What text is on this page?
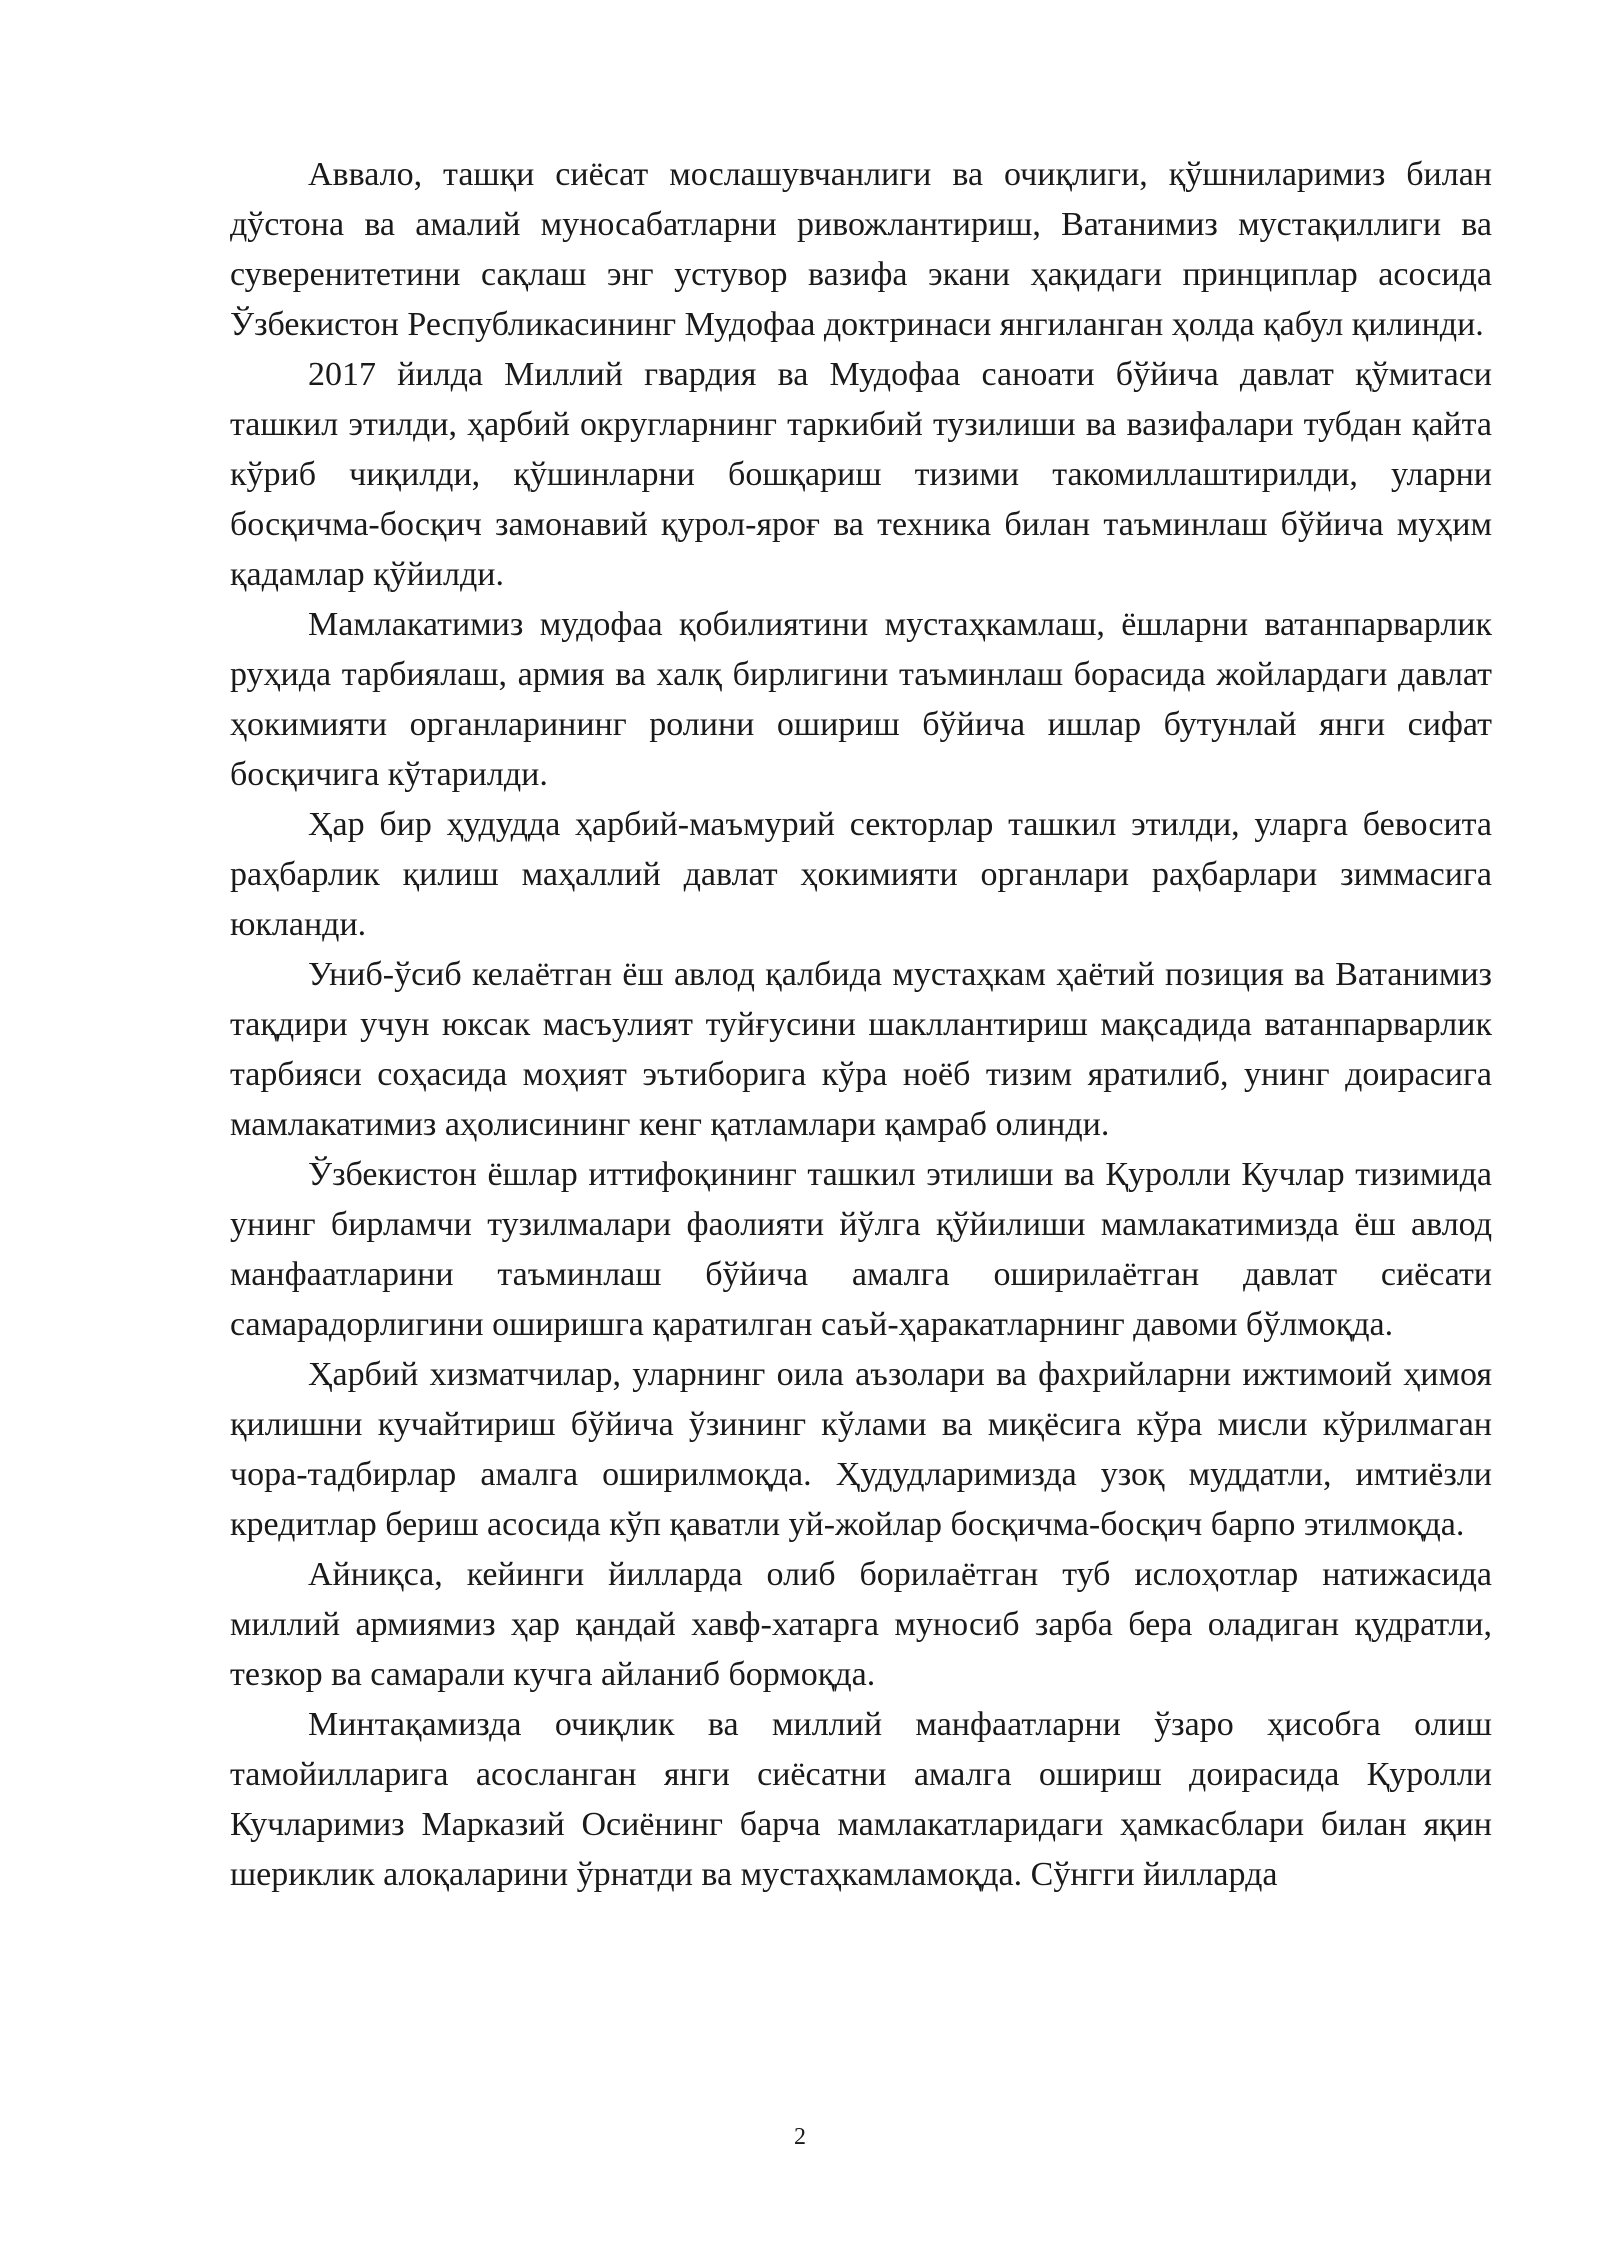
Аввало, ташқи сиёсат мослашувчанлиги ва очиқлиги, қўшниларимиз билан дўстона ва амалий муносабатларни ривожлантириш, Ватанимиз мустақиллиги ва суверенитетини сақлаш энг устувор вазифа экани ҳақидаги принциплар асосида Ўзбекистон Республикасининг Мудофаа доктринаси янгиланган ҳолда қабул қилинди.

2017 йилда Миллий гвардия ва Мудофаа саноати бўйича давлат қўмитаси ташкил этилди, ҳарбий округларнинг таркибий тузилиши ва вазифалари тубдан қайта кўриб чиқилди, қўшинларни бошқариш тизими такомиллаштирилди, уларни босқичма-босқич замонавий қурол-яроғ ва техника билан таъминлаш бўйича муҳим қадамлар қўйилди.

Мамлакатимиз мудофаа қобилиятини мустаҳкамлаш, ёшларни ватанпарварлик руҳида тарбиялаш, армия ва халқ бирлигини таъминлаш борасида жойлардаги давлат ҳокимияти органларининг ролини ошириш бўйича ишлар бутунлай янги сифат босқичига кўтарилди.

Ҳар бир ҳудудда ҳарбий-маъмурий секторлар ташкил этилди, уларга бевосита раҳбарлик қилиш маҳаллий давлат ҳокимияти органлари раҳбарлари зиммасига юкланди.

Униб-ўсиб келаётган ёш авлод қалбида мустаҳкам ҳаётий позиция ва Ватанимиз тақдири учун юксак масъулият туйғусини шакллантириш мақсадида ватанпарварлик тарбияси соҳасида моҳият эътиборига кўра ноёб тизим яратилиб, унинг доирасига мамлакатимиз аҳолисининг кенг қатламлари қамраб олинди.

Ўзбекистон ёшлар иттифоқининг ташкил этилиши ва Қуролли Кучлар тизимида унинг бирламчи тузилмалари фаолияти йўлга қўйилиши мамлакатимизда ёш авлод манфаатларини таъминлаш бўйича амалга оширилаётган давлат сиёсати самарадорлигини оширишга қаратилган саъй-ҳаракатларнинг давоми бўлмоқда.

Ҳарбий хизматчилар, уларнинг оила аъзолари ва фахрийларни ижтимоий ҳимоя қилишни кучайтириш бўйича ўзининг кўлами ва миқёсига кўра мисли кўрилмаган чора-тадбирлар амалга оширилмоқда. Ҳудудларимизда узоқ муддатли, имтиёзли кредитлар бериш асосида кўп қаватли уй-жойлар босқичма-босқич барпо этилмоқда.

Айниқса, кейинги йилларда олиб борилаётган туб ислоҳотлар натижасида миллий армиямиз ҳар қандай хавф-хатарга муносиб зарба бера оладиган қудратли, тезкор ва самарали кучга айланиб бормоқда.

Минтақамизда очиқлик ва миллий манфаатларни ўзаро ҳисобга олиш тамойилларига асосланган янги сиёсатни амалга ошириш доирасида Қуролли Кучларимиз Марказий Осиёнинг барча мамлакатларидаги ҳамкасблари билан яқин шериклик алоқаларини ўрнатди ва мустаҳкамламоқда. Сўнгги йилларда

2
